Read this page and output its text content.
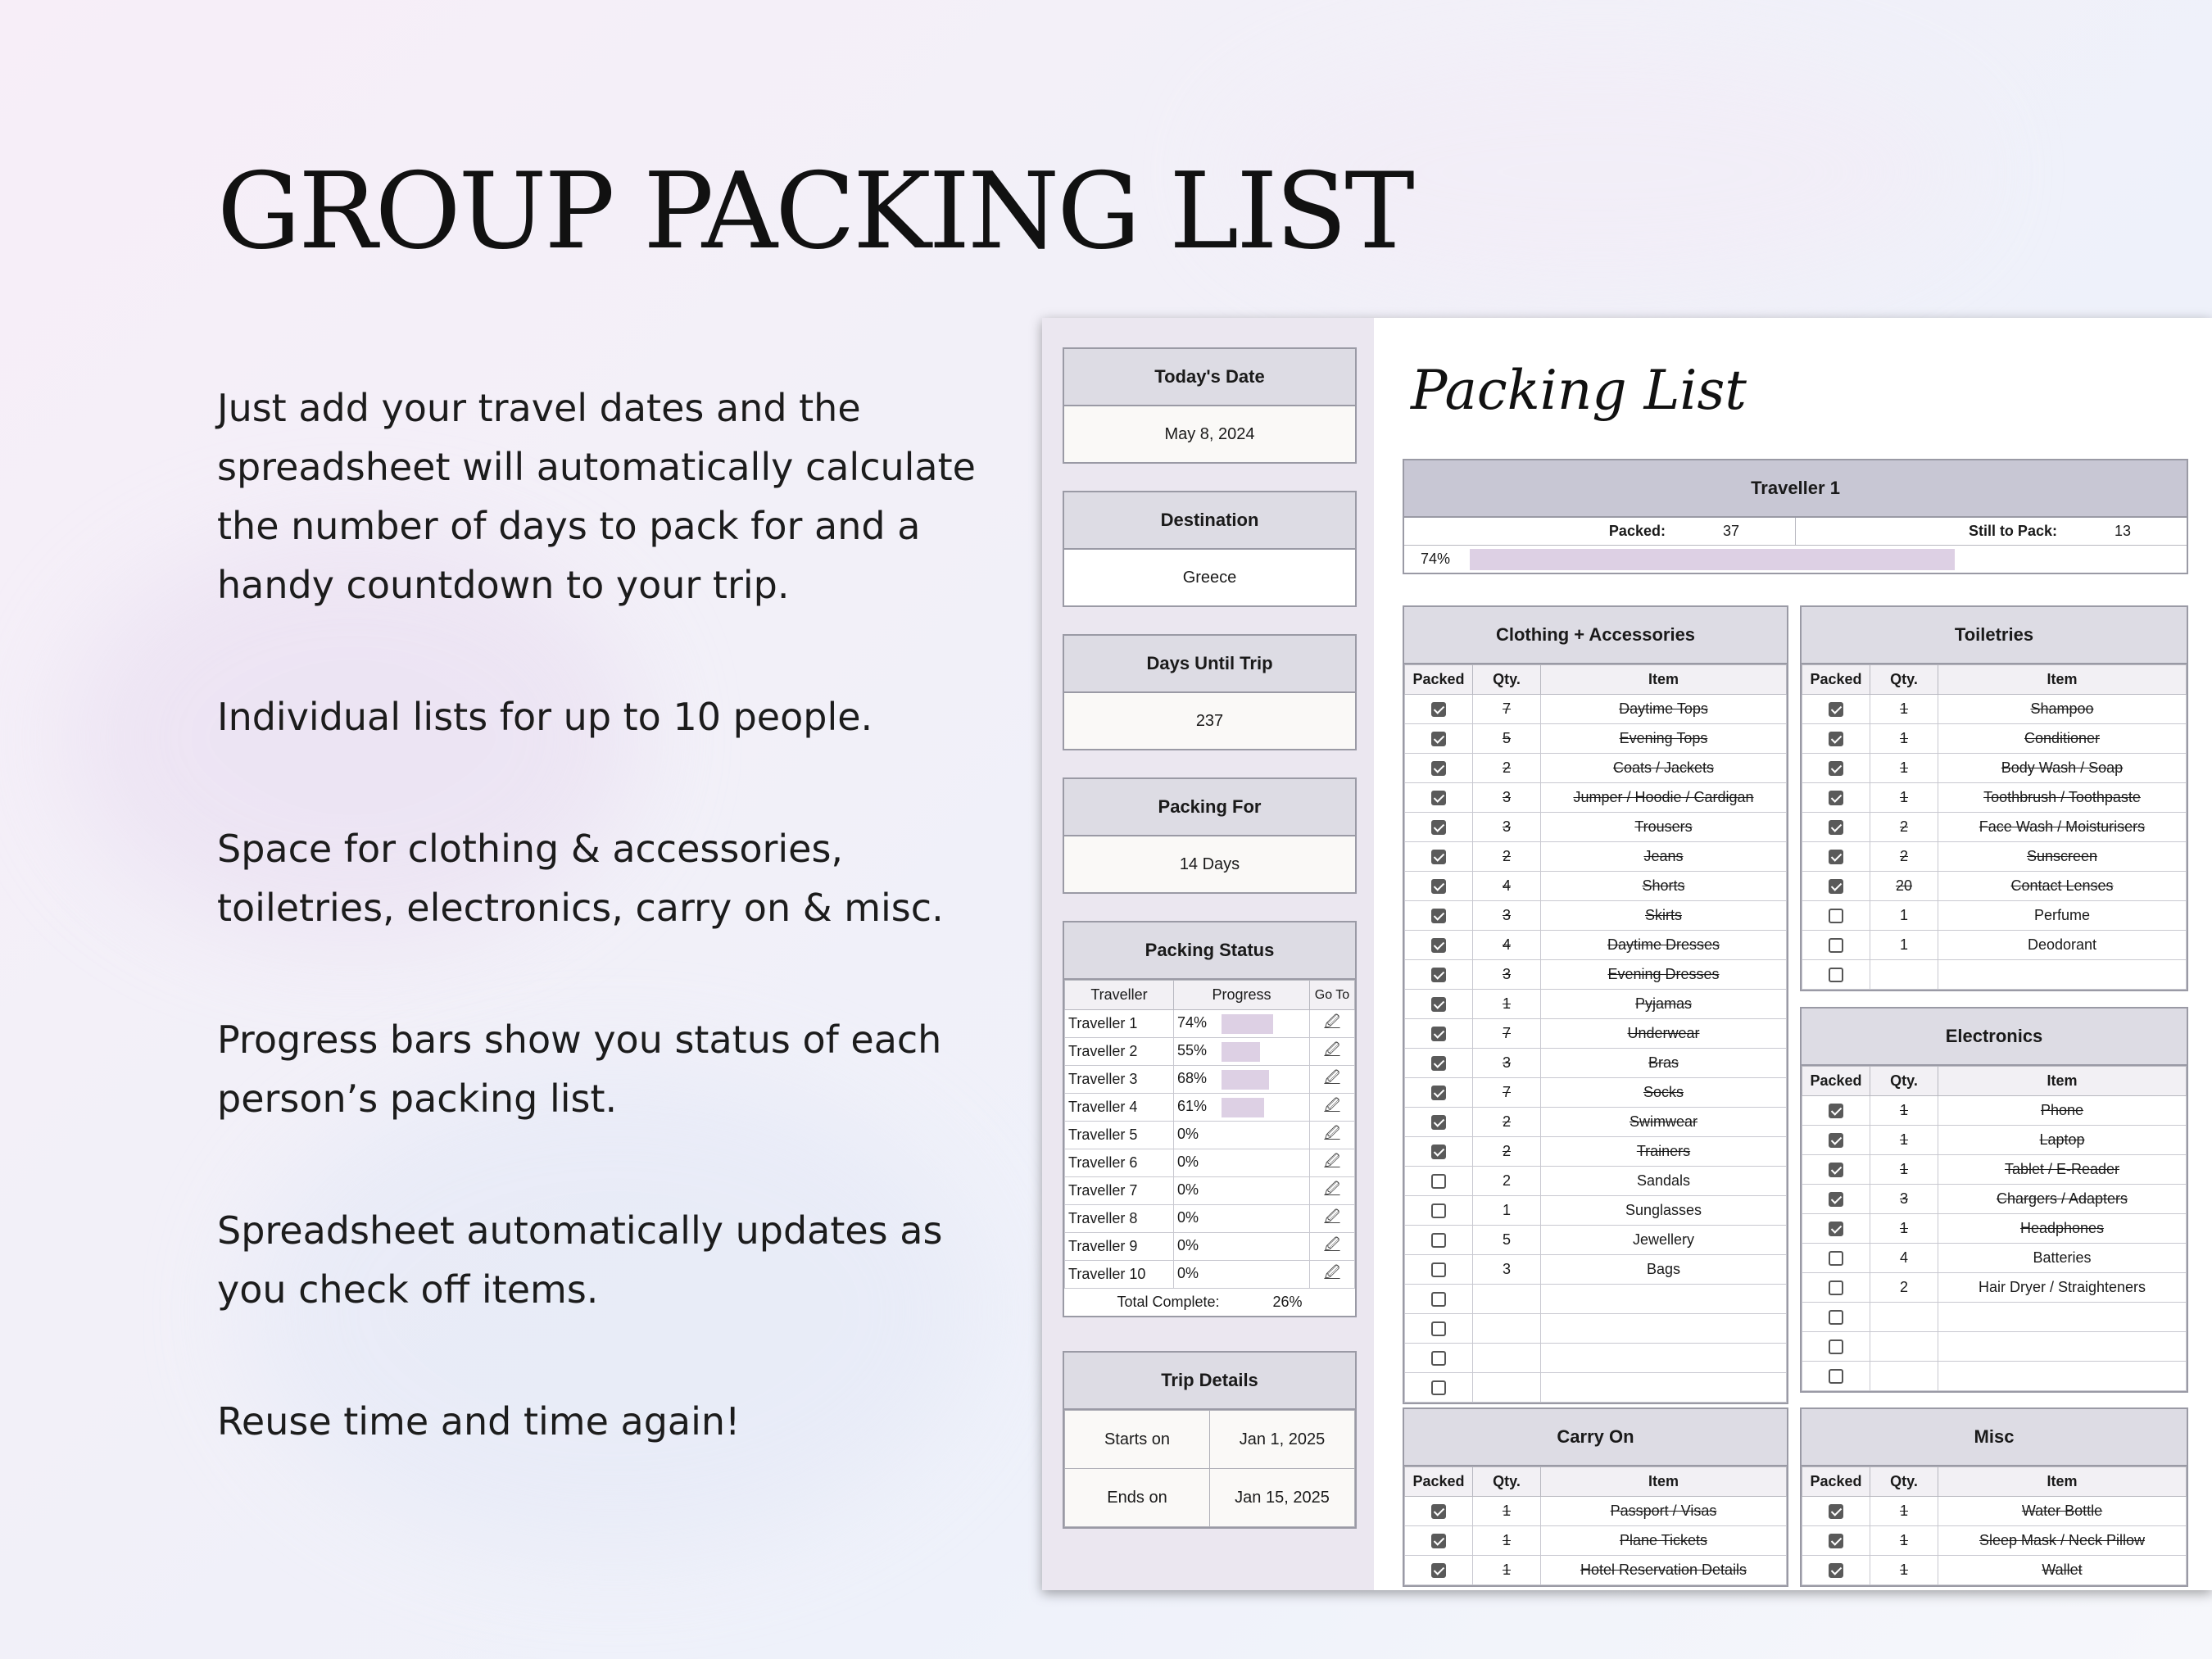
GROUP PACKING LIST

Just add your travel dates and the spreadsheet will automatically calculate the number of days to pack for and a handy countdown to your trip.

Individual lists for up to 10 people.

Space for clothing & accessories, toiletries, electronics, carry on & misc.

Progress bars show you status of each person’s packing list.

Spreadsheet automatically updates as you check off items.

Reuse time and time again!

Today's Date
May 8, 2024
Destination
Greece
Days Until Trip
237
Packing For
14 Days
Packing Status
Traveller	Progress	Go To
Traveller 1	74%	🖉
Traveller 2	55%	🖉
Traveller 3	68%	🖉
Traveller 4	61%	🖉
Traveller 5	0%	🖉
Traveller 6	0%	🖉
Traveller 7	0%	🖉
Traveller 8	0%	🖉
Traveller 9	0%	🖉
Traveller 10	0%	🖉
Total Complete: 26%		
Trip Details
Starts on	Jan 1, 2025
Ends on	Jan 15, 2025
Packing List
Traveller 1
Packed:	37	Still to Pack:	13
74%
Clothing + Accessories
Packed	Qty.	Item
	7	Daytime Tops
	5	Evening Tops
	2	Coats / Jackets
	3	Jumper / Hoodie / Cardigan
	3	Trousers
	2	Jeans
	4	Shorts
	3	Skirts
	4	Daytime Dresses
	3	Evening Dresses
	1	Pyjamas
	7	Underwear
	3	Bras
	7	Socks
	2	Swimwear
	2	Trainers
	2	Sandals
	1	Sunglasses
	5	Jewellery
	3	Bags

Toiletries
Packed	Qty.	Item
	1	Shampoo
	1	Conditioner
	1	Body Wash / Soap
	1	Toothbrush / Toothpaste
	2	Face Wash / Moisturisers
	2	Sunscreen
	20	Contact Lenses
	1	Perfume
	1	Deodorant

Electronics
Packed	Qty.	Item
	1	Phone
	1	Laptop
	1	Tablet / E-Reader
	3	Chargers / Adapters
	1	Headphones
	4	Batteries
	2	Hair Dryer / Straighteners

Carry On
Packed	Qty.	Item
	1	Passport / Visas
	1	Plane Tickets
	1	Hotel Reservation Details
Misc
Packed	Qty.	Item
	1	Water Bottle
	1	Sleep Mask / Neck Pillow
	1	Wallet
